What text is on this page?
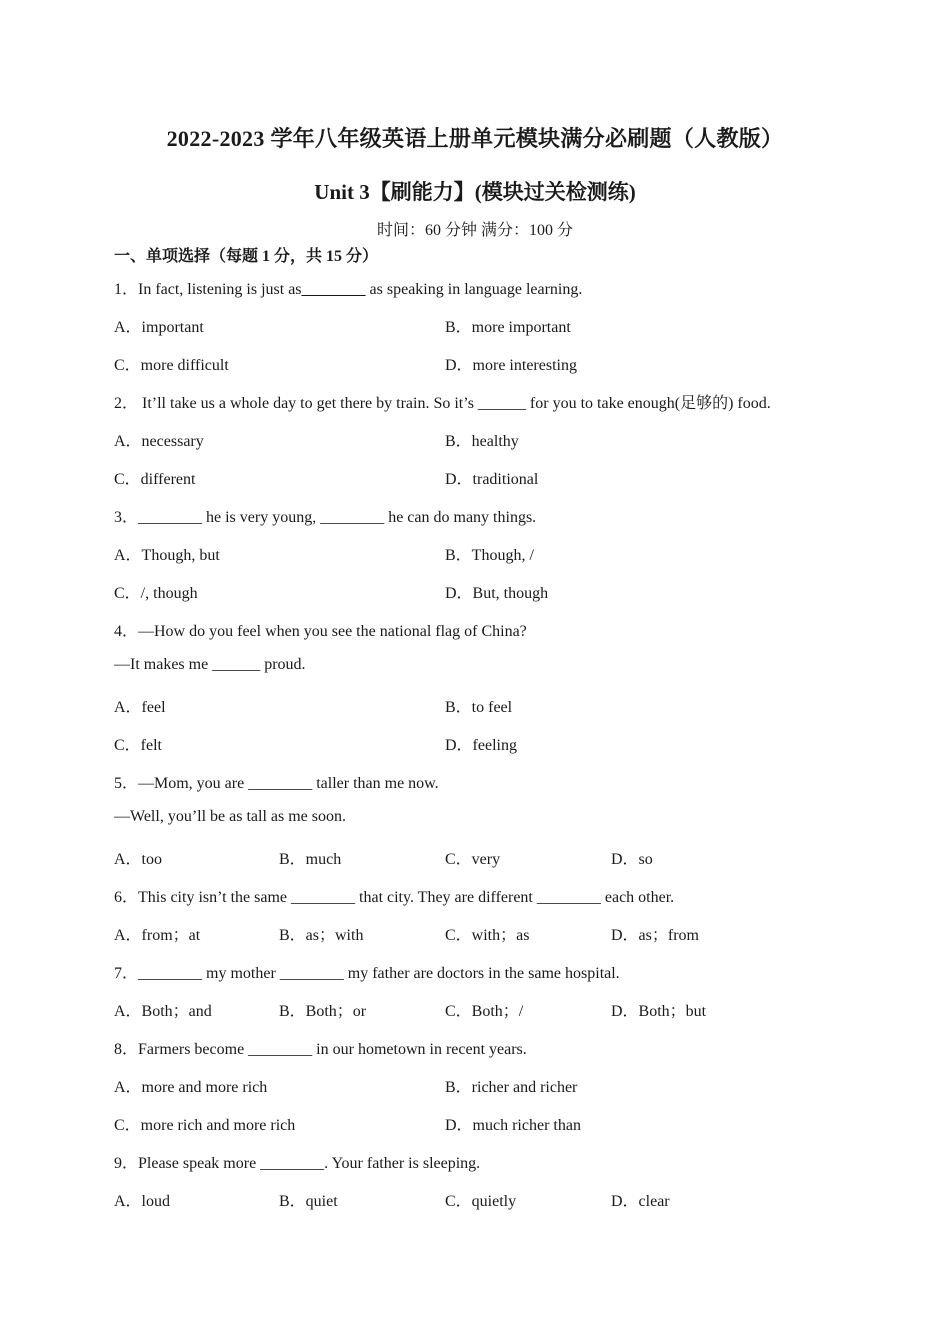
2022-2023 学年八年级英语上册单元模块满分必刷题（人教版）
Unit 3【刷能力】(模块过关检测练)
时间：60 分钟 满分：100 分
一、单项选择（每题 1 分，共 15 分）
1．In fact, listening is just as________ as speaking in language learning.
A．important	B．more important
C．more difficult	D．more interesting
2． It’ll take us a whole day to get there by train. So it’s ______ for you to take enough(足够的) food.
A．necessary	B．healthy
C．different	D．traditional
3．________ he is very young, ________ he can do many things.
A．Though, but	B．Though, /
C．/, though	D．But, though
4．—How do you feel when you see the national flag of China?
—It makes me ______ proud.
A．feel	B．to feel
C．felt	D．feeling
5．—Mom, you are ________ taller than me now.
—Well, you’ll be as tall as me soon.
A．too	B．much	C．very	D．so
6．This city isn’t the same ________ that city. They are different ________ each other.
A．from；at	B．as；with	C．with；as	D．as；from
7．________ my mother ________ my father are doctors in the same hospital.
A．Both；and	B．Both；or	C．Both；/	D．Both；but
8．Farmers become ________ in our hometown in recent years.
A．more and more rich	B．richer and richer
C．more rich and more rich	D．much richer than
9．Please speak more ________. Your father is sleeping.
A．loud	B．quiet	C．quietly	D．clear
